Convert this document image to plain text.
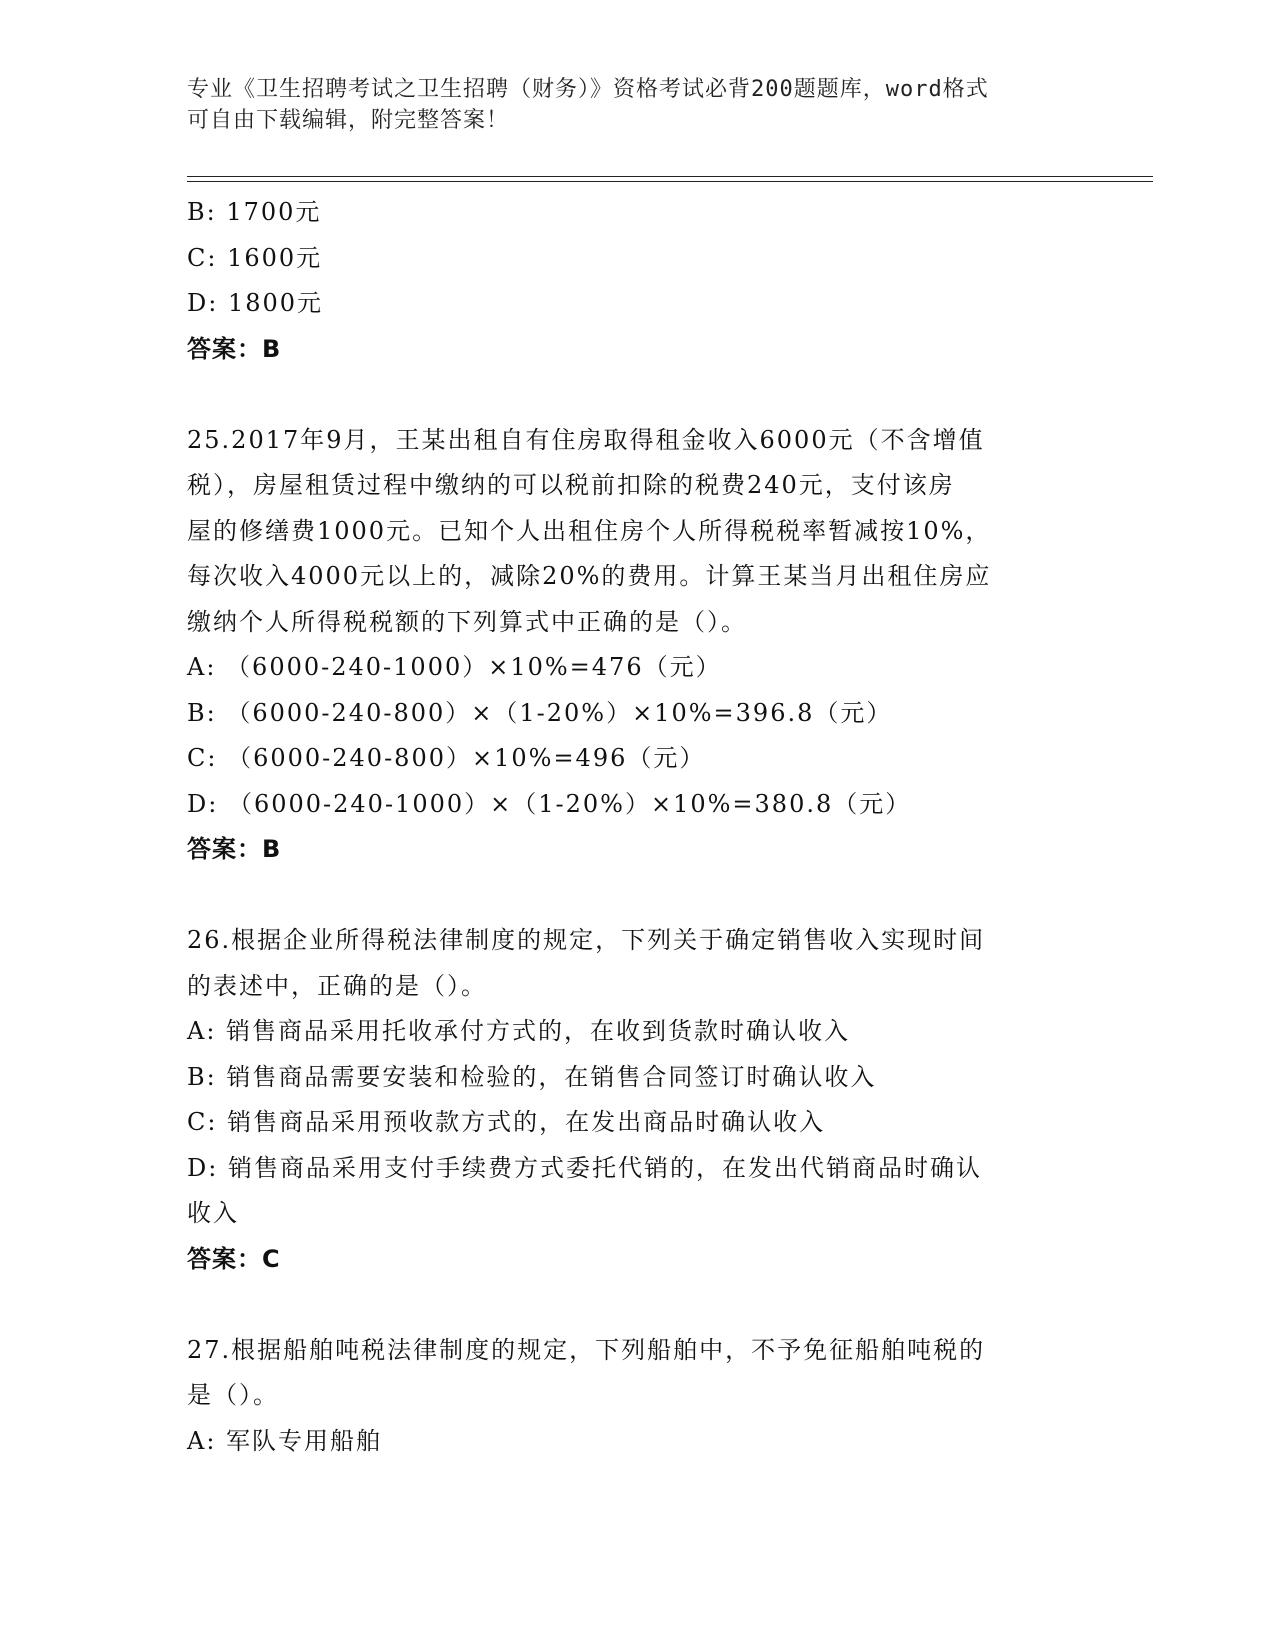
专业《卫生招聘考试之卫生招聘（财务）》资格考试必背200题题库，word格式
可自由下载编辑，附完整答案！
B: 1700元
C: 1600元
D: 1800元
答案：B
25.2017年9月，王某出租自有住房取得租金收入6000元（不含增值
税），房屋租赁过程中缴纳的可以税前扣除的税费240元，支付该房
屋的修缮费1000元。已知个人出租住房个人所得税税率暂减按10%，
每次收入4000元以上的，减除20%的费用。计算王某当月出租住房应
缴纳个人所得税税额的下列算式中正确的是（）。
A: （6000-240-1000）×10%=476（元）
B: （6000-240-800）×（1-20%）×10%=396.8（元）
C: （6000-240-800）×10%=496（元）
D: （6000-240-1000）×（1-20%）×10%=380.8（元）
答案：B
26.根据企业所得税法律制度的规定，下列关于确定销售收入实现时间
的表述中，正确的是（）。
A: 销售商品采用托收承付方式的，在收到货款时确认收入
B: 销售商品需要安装和检验的，在销售合同签订时确认收入
C: 销售商品采用预收款方式的，在发出商品时确认收入
D: 销售商品采用支付手续费方式委托代销的，在发出代销商品时确认
收入
答案：C
27.根据船舶吨税法律制度的规定，下列船舶中，不予免征船舶吨税的
是（）。
A: 军队专用船舶
